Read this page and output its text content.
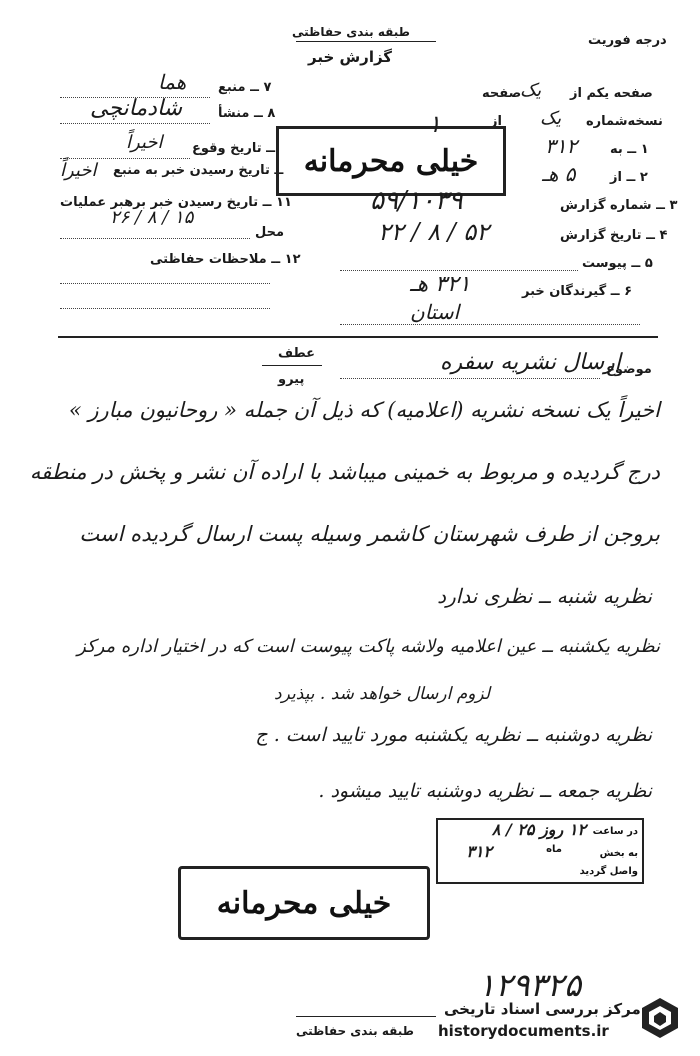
طبقه بندی حفاظتی
گزارش خبر
درجه فوریت
صفحه یکم از
یک
صفحه
نسخه‌شماره
یک
از
۷ ــ منبع
هما
۸ ــ منشأ
شادمانچی
ــ تاریخ وقوع
اخیراً
ــ تاریخ رسیدن خبر به منبع
اخیراً
۱۱ ــ تاریخ رسیدن خبر برهبر عملیات
۲۶ / ۸ / ۱۵
محل
۱۲ ــ ملاحظات حفاظتی
خیلی محرمانه
۱
۱ ــ به
۳۱۲
۲ ــ از
۵ هـ
۳ ــ شماره گزارش
۵۹/۱۰۳۹
۴ ــ تاریخ گزارش
۲۲ / ۸ / ۵۲
۵ ــ پیوست
۶ ــ گیرندگان خبر
۳۲۱ هـ
استان
عطف
پیرو
موضوع
ارسال نشریه سفره
اخیراً یک نسخه نشریه (اعلامیه) که ذیل آن جمله « روحانیون مبارز »
درج گردیده و مربوط به خمینی میباشد با اراده آن نشر و پخش در منطقه
بروجن از طرف شهرستان کاشمر وسیله پست ارسال گردیده است
نظریه شنبه ــ نظری ندارد
نظریه یکشنبه ــ عین اعلامیه ولاشه پاکت پیوست است که در اختیار اداره مرکز
لزوم ارسال خواهد شد . بپذیرد
نظریه دوشنبه ــ نظریه یکشنبه مورد تایید است . ج
نظریه جمعه ــ نظریه دوشنبه تایید میشود .
در ساعت
۱۲ روز ۲۵ / ۸
ماه	به بخش
۳۱۲
واصل گردید
خیلی محرمانه
۱۲۹۳۲۵
مرکز بررسی اسناد تاریخی
historydocuments.ir
طبقه بندی حفاظتی
